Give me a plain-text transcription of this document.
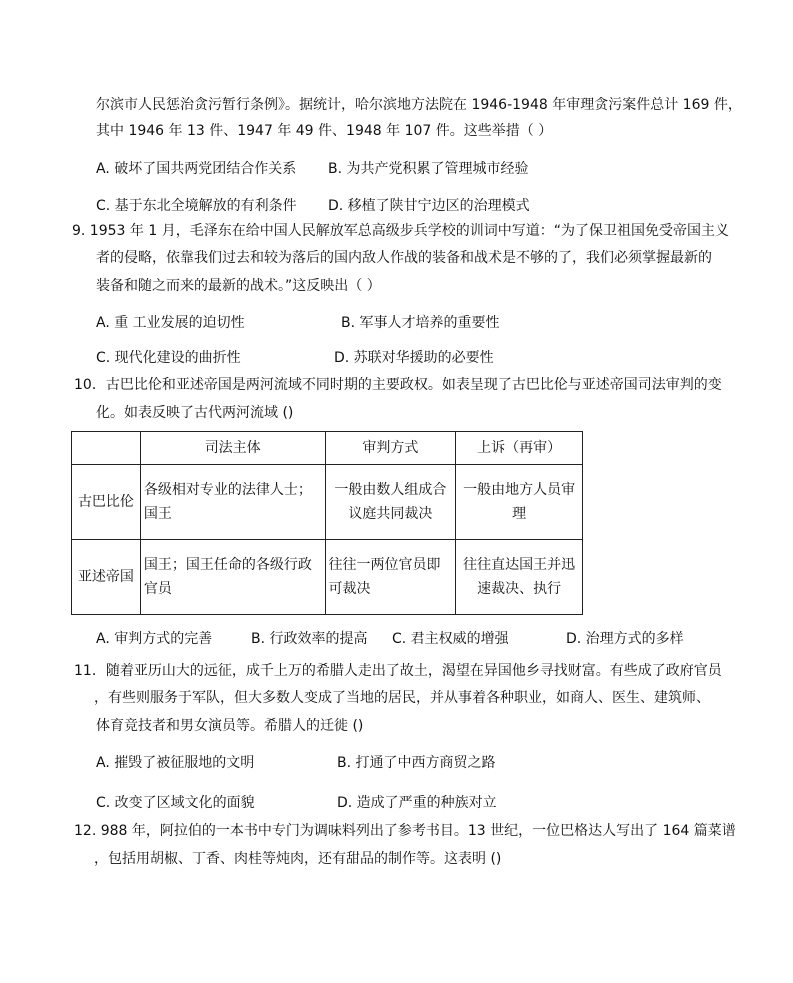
尔滨市人民惩治贪污暂行条例》。据统计，哈尔滨地方法院在 1946-1948 年审理贪污案件总计 169 件，
其中 1946 年 13 件、1947 年 49 件、1948 年 107 件。这些举措（ ）
A. 破坏了国共两党团结合作关系 B. 为共产党积累了管理城市经验
C. 基于东北全境解放的有利条件 D. 移植了陕甘宁边区的治理模式
9. 1953 年 1 月，毛泽东在给中国人民解放军总高级步兵学校的训词中写道：“为了保卫祖国免受帝国主义
者的侵略，依靠我们过去和较为落后的国内敌人作战的装备和战术是不够的了，我们必须掌握最新的
装备和随之而来的最新的战术。”这反映出（ ）
A. 重 工业发展的迫切性	B. 军事人才培养的重要性
C. 现代化建设的曲折性	D. 苏联对华援助的必要性
10．古巴比伦和亚述帝国是两河流域不同时期的主要政权。如表呈现了古巴比伦与亚述帝国司法审判的变
化。如表反映了古代两河流域 ()
	司法主体	审判方式	上诉（再审）
古巴比伦	各级相对专业的法律人士；国王	一般由数人组成合议庭共同裁决	一般由地方人员审理
亚述帝国	国王；国王任命的各级行政官员	往往一两位官员即可裁决	往往直达国王并迅速裁决、执行
A. 审判方式的完善	B. 行政效率的提高 C. 君主权威的增强	D. 治理方式的多样
11．随着亚历山大的远征，成千上万的希腊人走出了故土，渴望在异国他乡寻找财富。有些成了政府官员
，有些则服务于军队，但大多数人变成了当地的居民，并从事着各种职业，如商人、医生、建筑师、
体育竞技者和男女演员等。希腊人的迁徙 ()
A. 摧毁了被征服地的文明	B. 打通了中西方商贸之路
C. 改变了区域文化的面貌	D. 造成了严重的种族对立
12. 988 年，阿拉伯的一本书中专门为调味料列出了参考书目。13 世纪，一位巴格达人写出了 164 篇菜谱
，包括用胡椒、丁香、肉桂等炖肉，还有甜品的制作等。这表明 ()
